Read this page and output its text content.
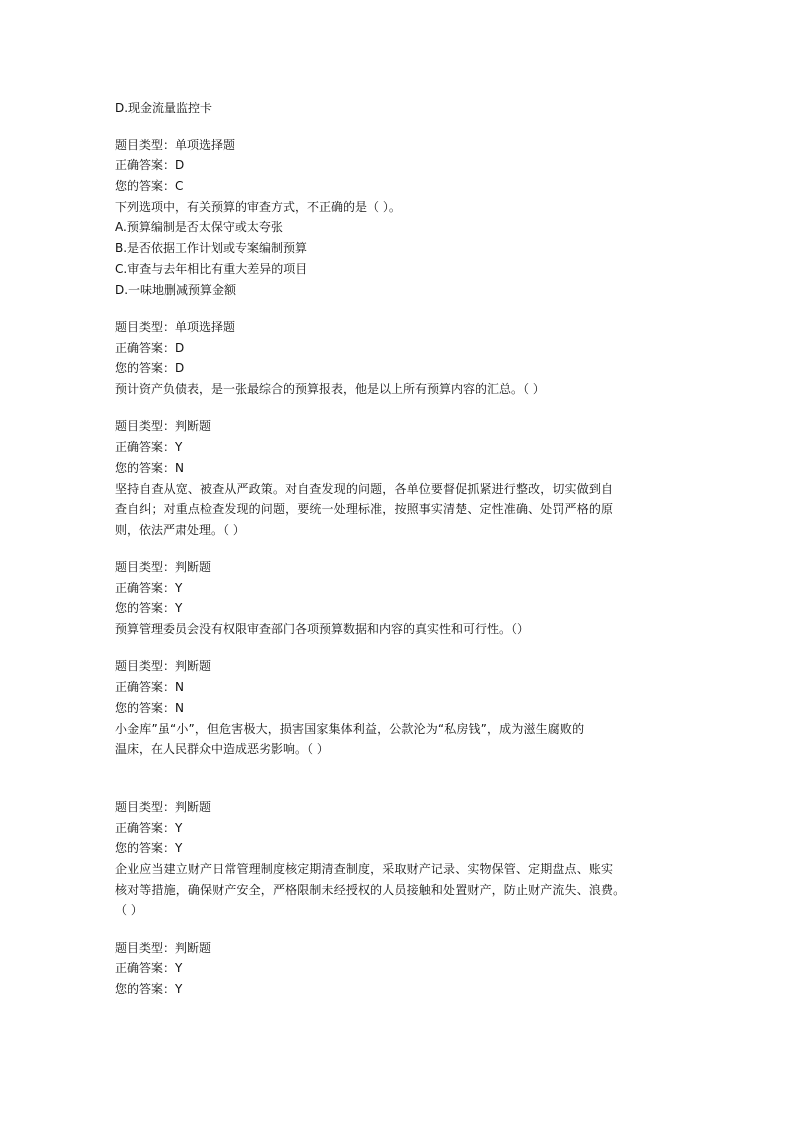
D.现金流量监控卡
题目类型：单项选择题
正确答案：D
您的答案：C
下列选项中，有关预算的审查方式，不正确的是（ ）。
A.预算编制是否太保守或太夸张
B.是否依据工作计划或专案编制预算
C.审查与去年相比有重大差异的项目
D.一味地删减预算金额
题目类型：单项选择题
正确答案：D
您的答案：D
预计资产负债表，是一张最综合的预算报表，他是以上所有预算内容的汇总。（ ）
题目类型：判断题
正确答案：Y
您的答案：N
坚持自查从宽、被查从严政策。对自查发现的问题，各单位要督促抓紧进行整改，切实做到自
查自纠；对重点检查发现的问题，要统一处理标准，按照事实清楚、定性准确、处罚严格的原
则，依法严肃处理。（ ）
题目类型：判断题
正确答案：Y
您的答案：Y
预算管理委员会没有权限审查部门各项预算数据和内容的真实性和可行性。（）
题目类型：判断题
正确答案：N
您的答案：N
小金库”虽“小”，但危害极大，损害国家集体利益，公款沦为“私房钱”，成为滋生腐败的
温床，在人民群众中造成恶劣影响。（ ）
题目类型：判断题
正确答案：Y
您的答案：Y
企业应当建立财产日常管理制度核定期清查制度，采取财产记录、实物保管、定期盘点、账实
核对等措施，确保财产安全，严格限制未经授权的人员接触和处置财产，防止财产流失、浪费。
（ ）
题目类型：判断题
正确答案：Y
您的答案：Y
